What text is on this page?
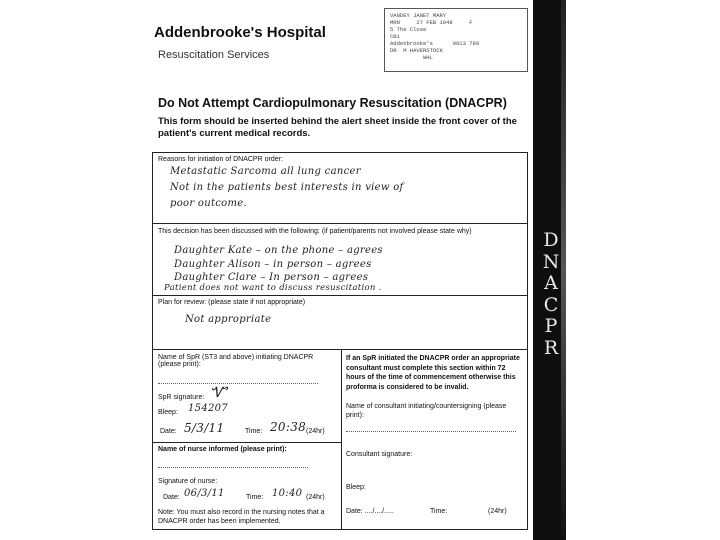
Addenbrooke's Hospital
Resuscitation Services
VANDEY JANET MARY
MRN     27 FEB 1948     F
5 The Close
CB1
Addenbrooke's      0813 788
DR  M HAVERSTOCK
WHL
Do Not Attempt Cardiopulmonary Resuscitation (DNACPR)
This form should be inserted behind the alert sheet inside the front cover of the patient's current medical records.
Reasons for initiation of DNACPR order:
Metastatic Sarcoma all lung cancer
Not in the patients best interests in view of
poor outcome.
This decision has been discussed with the following: (if patient/parents not involved please state why)
Daughter Kate – on the phone – agrees
Daughter Alison – in person – agrees
Daughter Clare – In person – agrees
Patient does not want to discuss resuscitation .
Plan for review: (please state if not appropriate)
Not appropriate
Name of SpR (ST3 and above) initiating DNACPR (please print):

SpR signature: Ꮙ
Bleep: 154207
Date: 5/3/11	Time: 20:38 (24hr)
Name of nurse informed (please print):

Signature of nurse:
Date: 06/3/11	Time: 10:40 (24hr)
Note: You must also record in the nursing notes that a DNACPR order has been implemented.
If an SpR initiated the DNACPR order an appropriate consultant must complete this section within 72 hours of the time of commencement otherwise this proforma is considered to be invalid.
Name of consultant initiating/countersigning (please print):

Consultant signature:
Bleep:
Date: ..../..../.....	Time:	(24hr)
D
N
A
C
P
R
